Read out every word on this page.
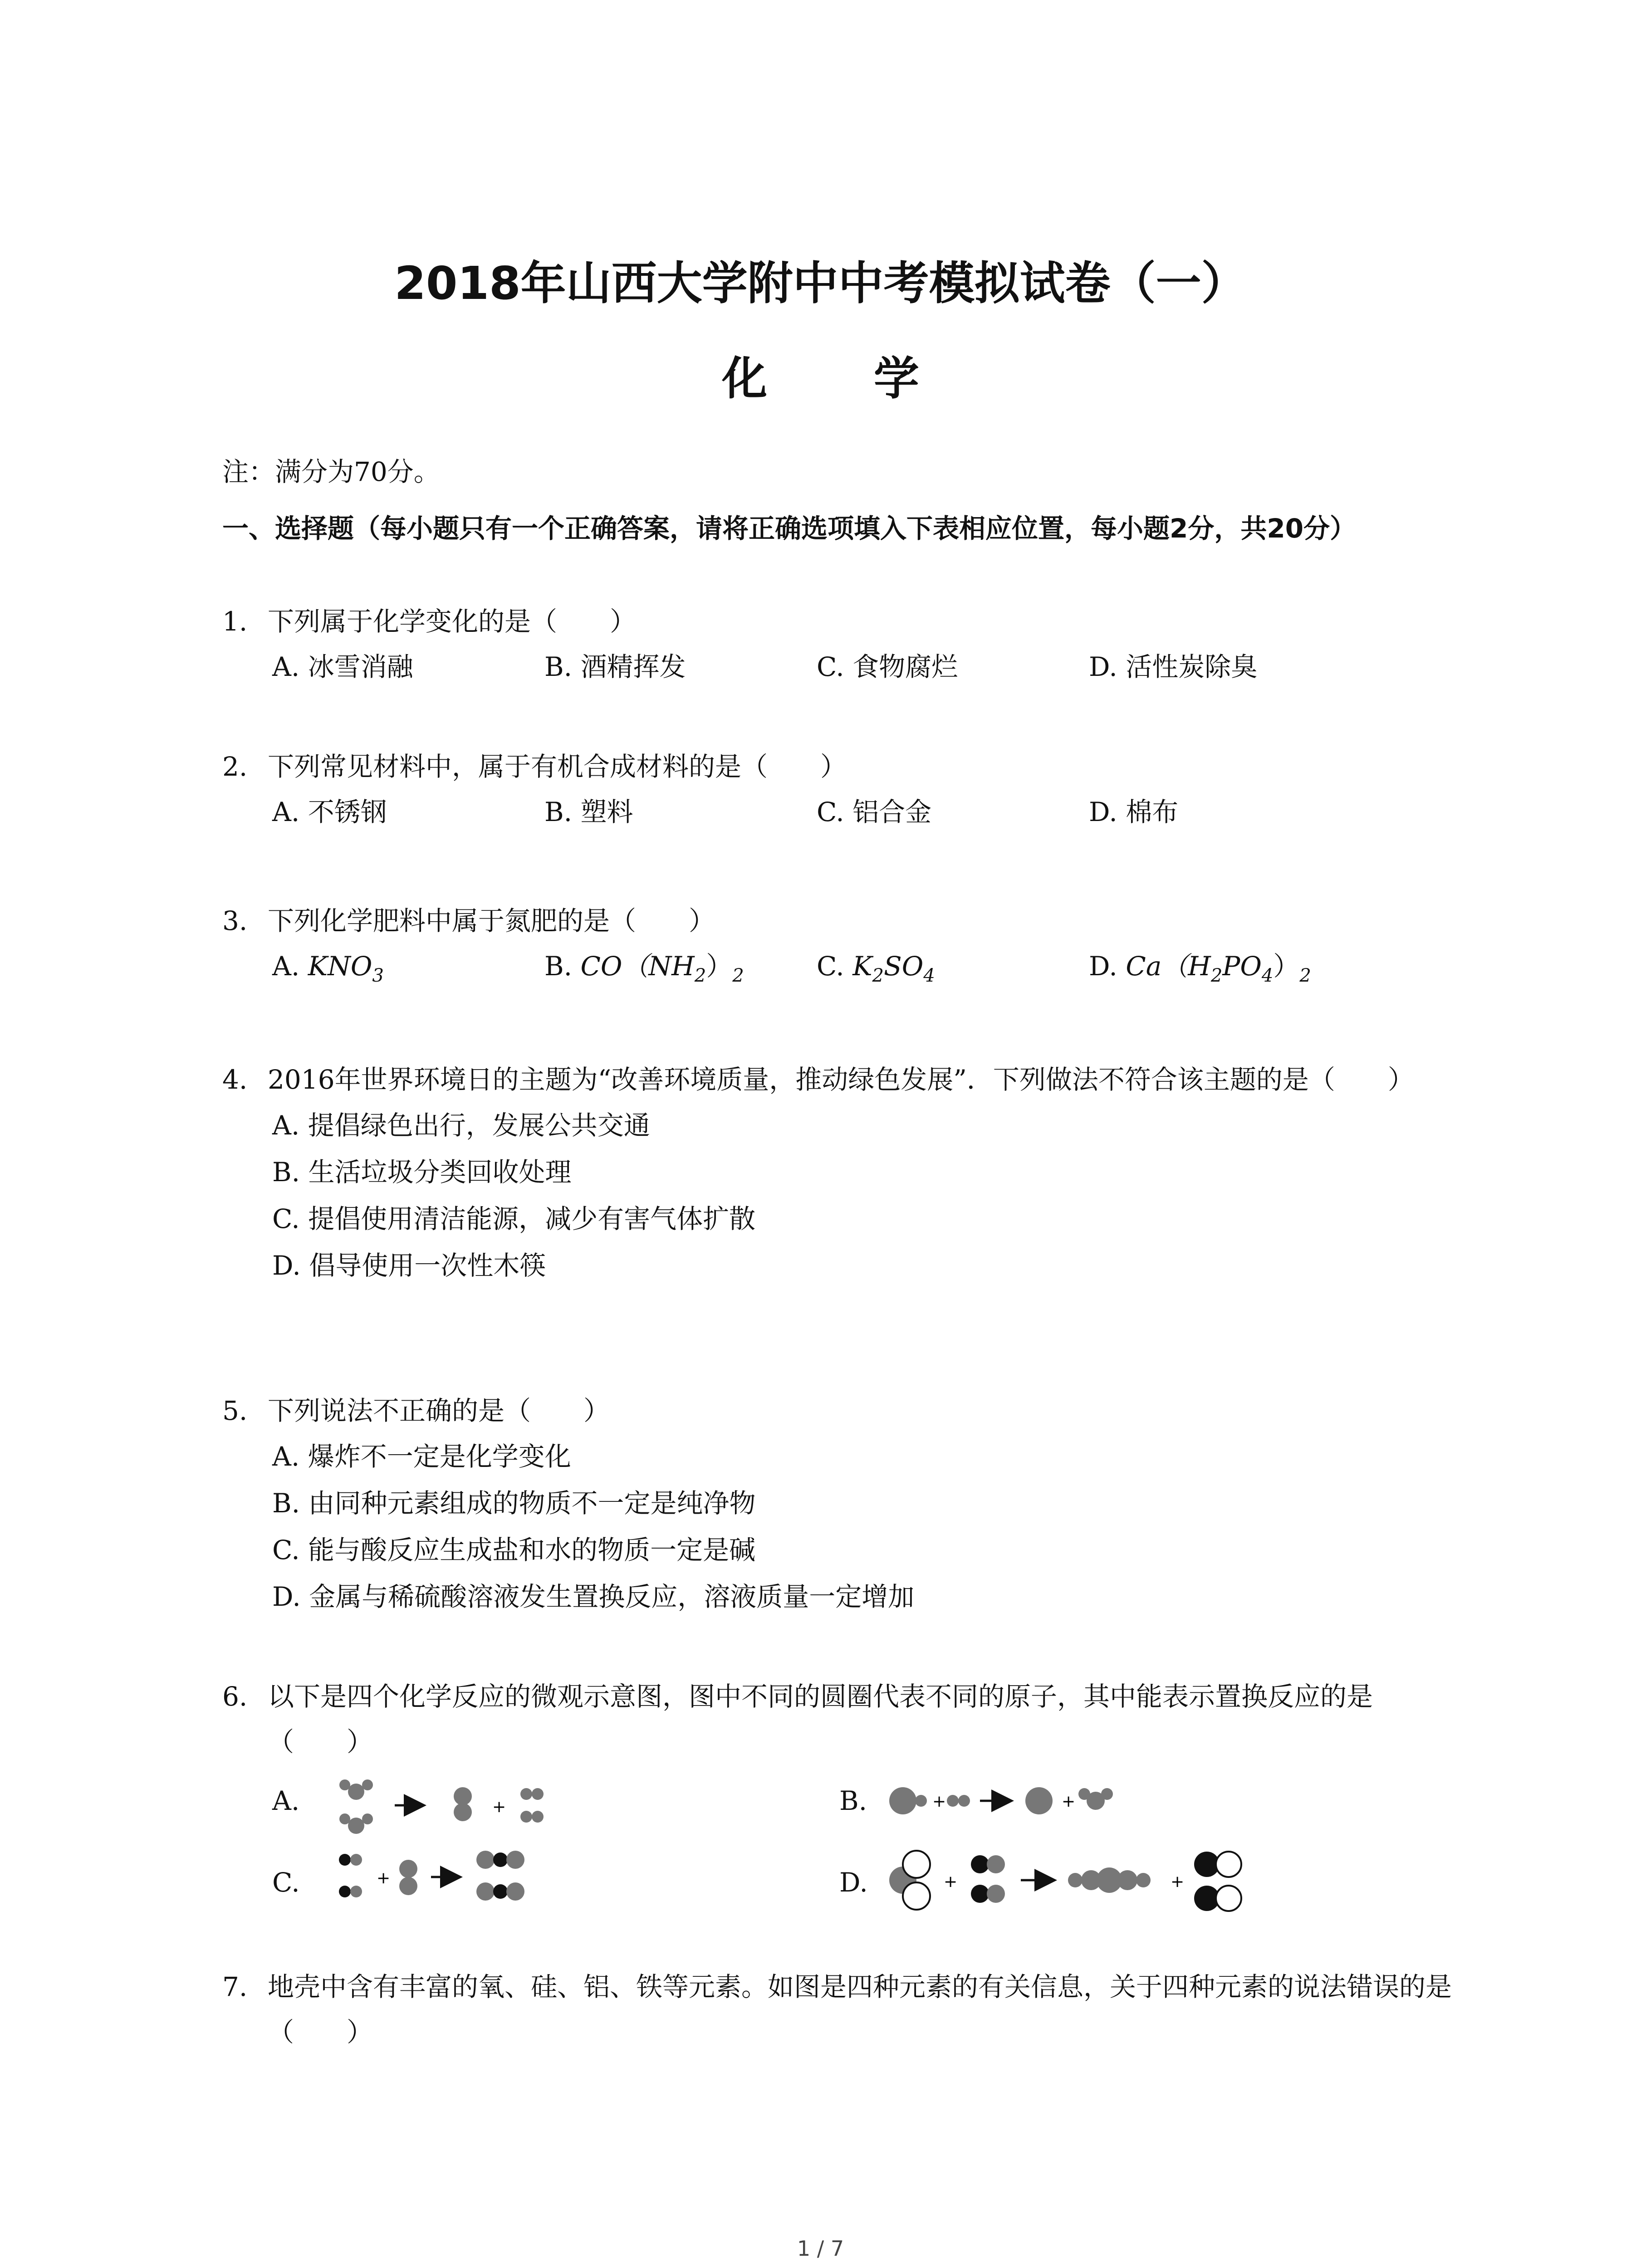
2018年山西大学附中中考模拟试卷（一）
化 学
注：满分为70分。
一、选择题（每小题只有一个正确答案，请将正确选项填入下表相应位置，每小题2分，共20分）
1. 下列属于化学变化的是（　　）
A. 冰雪消融	B. 酒精挥发	C. 食物腐烂	D. 活性炭除臭
2. 下列常见材料中，属于有机合成材料的是（　　）
A. 不锈钢	B. 塑料	C. 铝合金	D. 棉布
3. 下列化学肥料中属于氮肥的是（　　）
A. $KNO_3$	B. $CO(NH_2)_2$	C. $K_2SO_4$	D. $Ca(H_2PO_4)_2$
4. 2016年世界环境日的主题为“改善环境质量，推动绿色发展”．下列做法不符合该主题的是（　　）
A. 提倡绿色出行，发展公共交通
B. 生活垃圾分类回收处理
C. 提倡使用清洁能源，减少有害气体扩散
D. 倡导使用一次性木筷
5. 下列说法不正确的是（　　）
A. 爆炸不一定是化学变化
B. 由同种元素组成的物质不一定是纯净物
C. 能与酸反应生成盐和水的物质一定是碱
D. 金属与稀硫酸溶液发生置换反应，溶液质量一定增加
6. 以下是四个化学反应的微观示意图，图中不同的圆圈代表不同的原子，其中能表示置换反应的是（　　）
A.	B.
C.	D.
+	+	+
+	+	+
7. 地壳中含有丰富的氧、硅、铝、铁等元素。如图是四种元素的有关信息，关于四种元素的说法错误的是（　　）
1 / 7
